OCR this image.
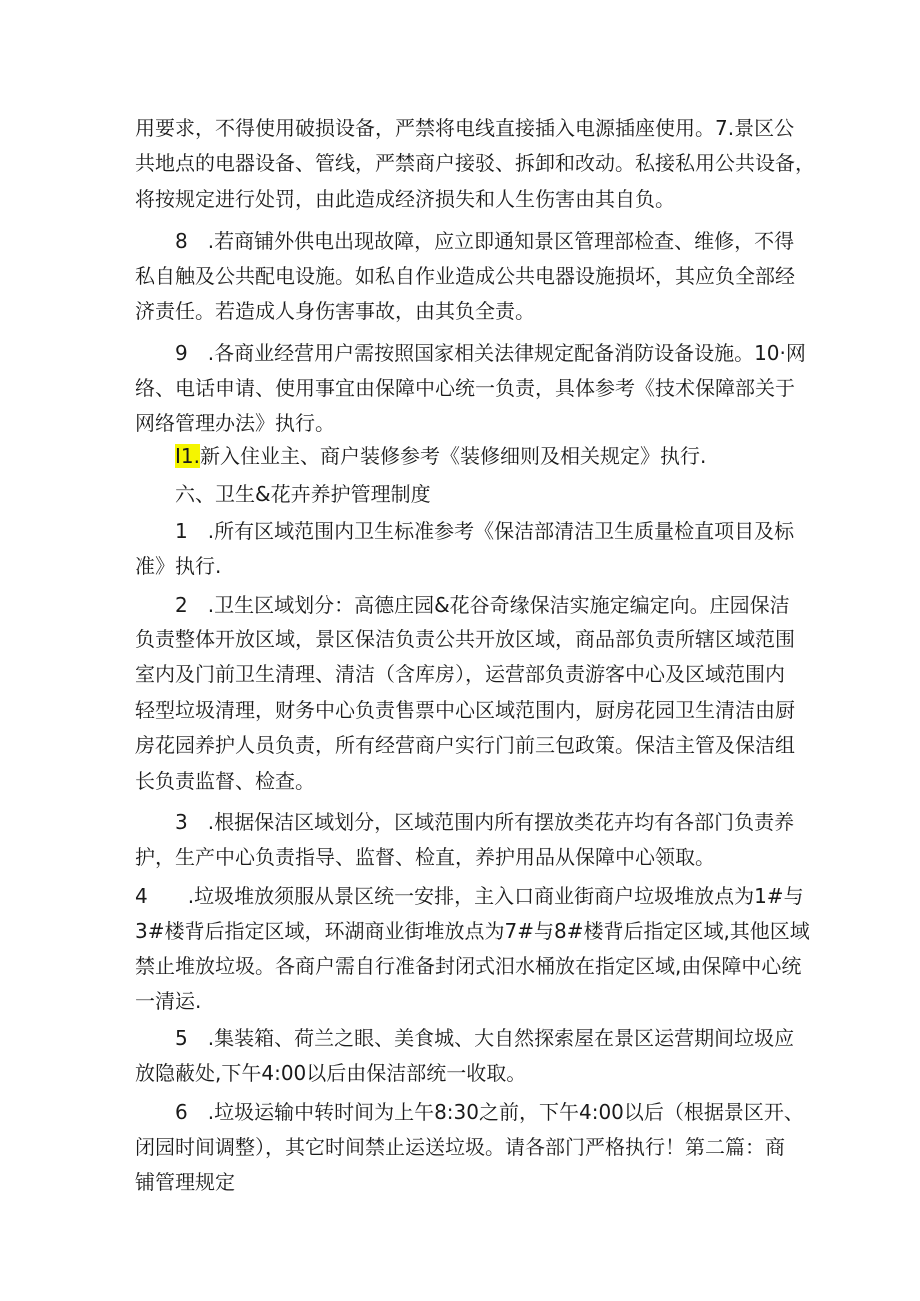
用要求，不得使用破损设备，严禁将电线直接插入电源插座使用。7.景区公
共地点的电器设备、管线，严禁商户接驳、拆卸和改动。私接私用公共设备，
将按规定进行处罚，由此造成经济损失和人生伤害由其自负。
8　.若商铺外供电出现故障，应立即通知景区管理部检查、维修，不得
私自触及公共配电设施。如私自作业造成公共电器设施损坏，其应负全部经
济责任。若造成人身伤害事故，由其负全责。
9　.各商业经营用户需按照国家相关法律规定配备消防设备设施。10·网
络、电话申请、使用事宜由保障中心统一负责，具体参考《技术保障部关于
网络管理办法》执行。
I1.新入住业主、商户装修参考《装修细则及相关规定》执行.
六、卫生&花卉养护管理制度
1　.所有区域范围内卫生标准参考《保洁部清洁卫生质量检直项目及标
准》执行.
2　.卫生区域划分：高德庄园&花谷奇缘保洁实施定编定向。庄园保洁
负责整体开放区域，景区保洁负责公共开放区域，商品部负责所辖区域范围
室内及门前卫生清理、清洁（含库房），运营部负责游客中心及区域范围内
轻型垃圾清理，财务中心负责售票中心区域范围内，厨房花园卫生清洁由厨
房花园养护人员负责，所有经营商户实行门前三包政策。保洁主管及保洁组
长负责监督、检查。
3　.根据保洁区域划分，区域范围内所有摆放类花卉均有各部门负责养
护，生产中心负责指导、监督、检直，养护用品从保障中心领取。
4　　.垃圾堆放须服从景区统一安排，主入口商业街商户垃圾堆放点为1#与
3#楼背后指定区域，环湖商业街堆放点为7#与8#楼背后指定区域,其他区域
禁止堆放垃圾。各商户需自行准备封闭式汨水桶放在指定区域,由保障中心统
一清运.
5　.集装箱、荷兰之眼、美食城、大自然探索屋在景区运营期间垃圾应
放隐蔽处,下午4:00以后由保洁部统一收取。
6　.垃圾运输中转时间为上午8:30之前，下午4:00以后（根据景区开、
闭园时间调整），其它时间禁止运送垃圾。请各部门严格执行！第二篇：商
铺管理规定
